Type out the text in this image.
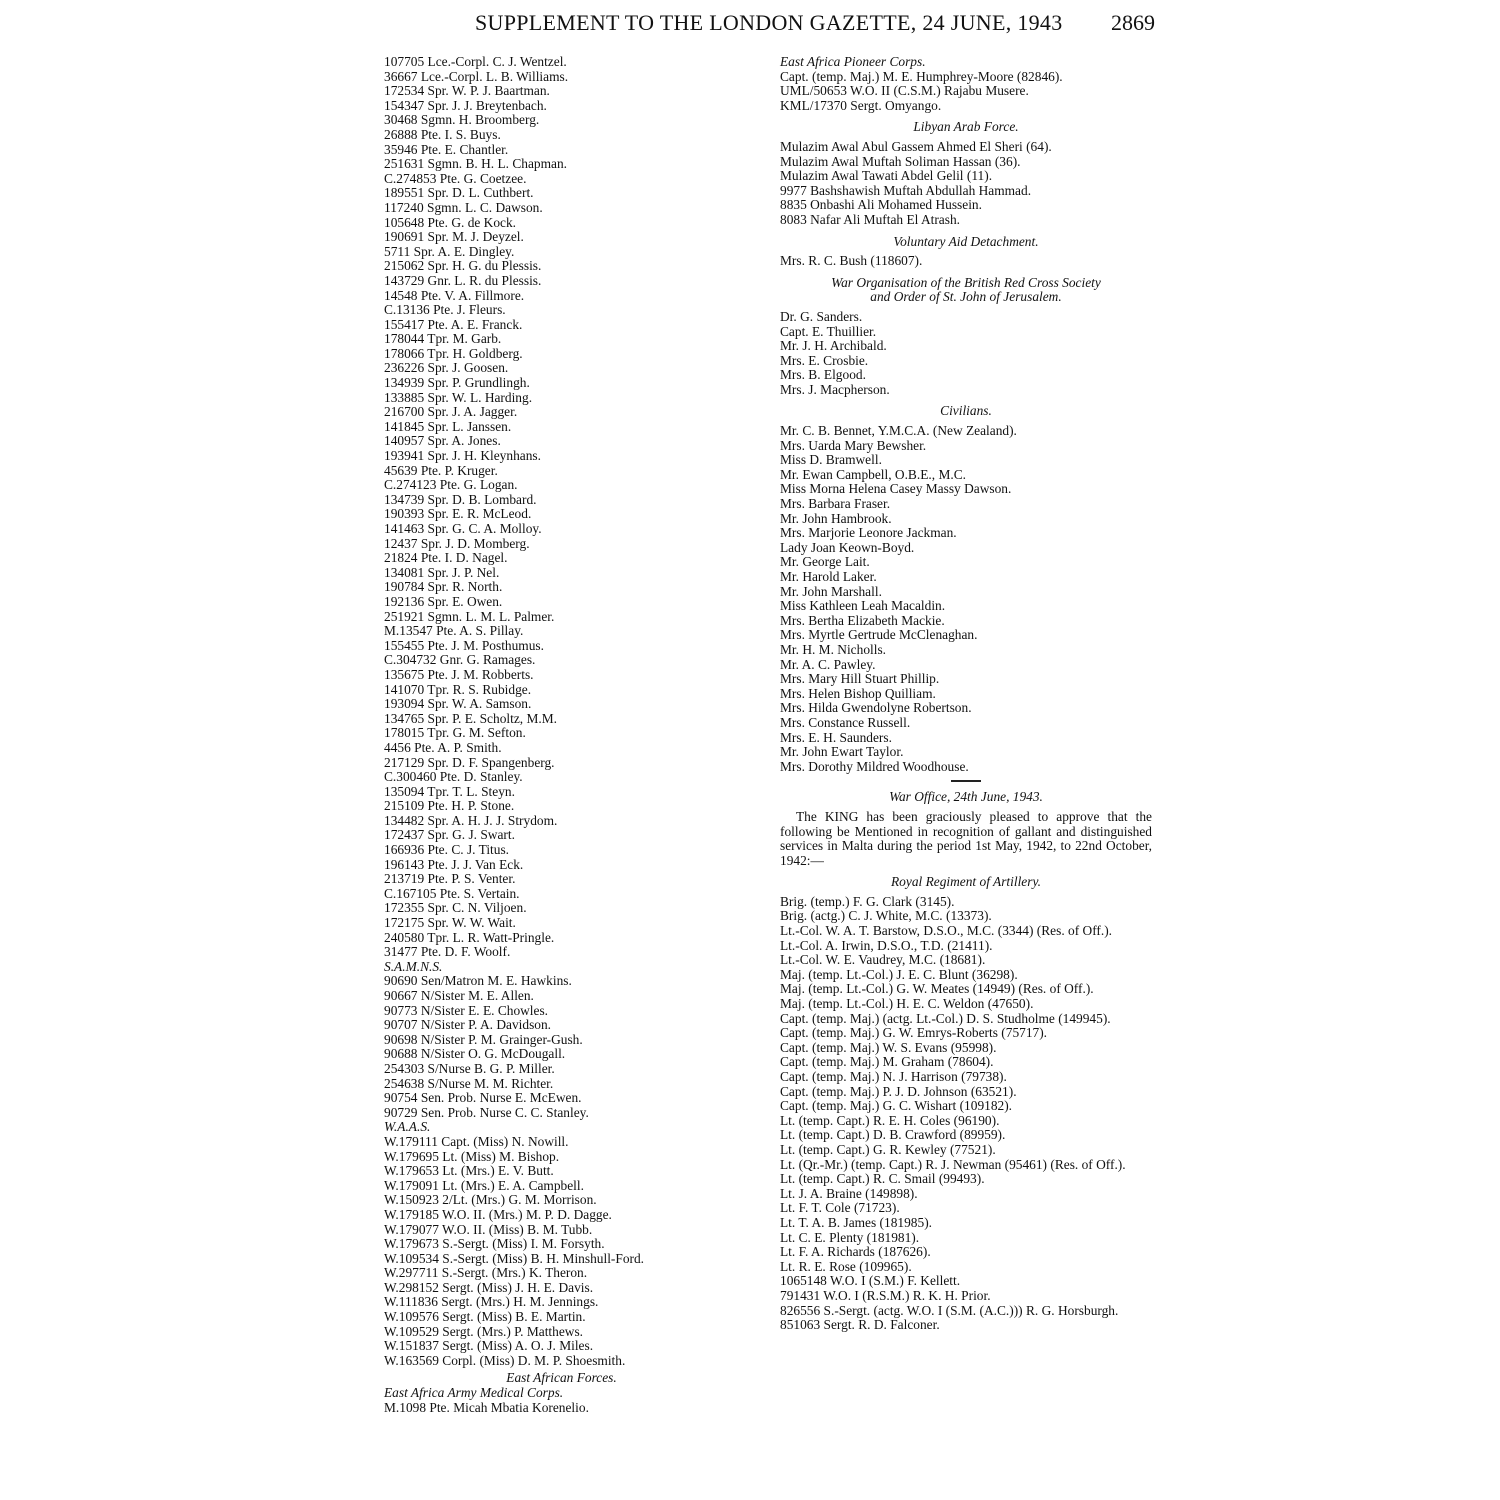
SUPPLEMENT TO THE LONDON GAZETTE, 24 JUNE, 1943 2869
107705 Lce.-Corpl. C. J. Wentzel.
36667 Lce.-Corpl. L. B. Williams.
172534 Spr. W. P. J. Baartman.
154347 Spr. J. J. Breytenbach.
30468 Sgmn. H. Broomberg.
26888 Pte. I. S. Buys.
35946 Pte. E. Chantler.
251631 Sgmn. B. H. L. Chapman.
C.274853 Pte. G. Coetzee.
189551 Spr. D. L. Cuthbert.
117240 Sgmn. L. C. Dawson.
105648 Pte. G. de Kock.
190691 Spr. M. J. Deyzel.
5711 Spr. A. E. Dingley.
215062 Spr. H. G. du Plessis.
143729 Gnr. L. R. du Plessis.
14548 Pte. V. A. Fillmore.
C.13136 Pte. J. Fleurs.
155417 Pte. A. E. Franck.
178044 Tpr. M. Garb.
178066 Tpr. H. Goldberg.
236226 Spr. J. Goosen.
134939 Spr. P. Grundlingh.
133885 Spr. W. L. Harding.
216700 Spr. J. A. Jagger.
141845 Spr. L. Janssen.
140957 Spr. A. Jones.
193941 Spr. J. H. Kleynhans.
45639 Pte. P. Kruger.
C.274123 Pte. G. Logan.
134739 Spr. D. B. Lombard.
190393 Spr. E. R. McLeod.
141463 Spr. G. C. A. Molloy.
12437 Spr. J. D. Momberg.
21824 Pte. I. D. Nagel.
134081 Spr. J. P. Nel.
190784 Spr. R. North.
192136 Spr. E. Owen.
251921 Sgmn. L. M. L. Palmer.
M.13547 Pte. A. S. Pillay.
155455 Pte. J. M. Posthumus.
C.304732 Gnr. G. Ramages.
135675 Pte. J. M. Robberts.
141070 Tpr. R. S. Rubidge.
193094 Spr. W. A. Samson.
134765 Spr. P. E. Scholtz, M.M.
178015 Tpr. G. M. Sefton.
4456 Pte. A. P. Smith.
217129 Spr. D. F. Spangenberg.
C.300460 Pte. D. Stanley.
135094 Tpr. T. L. Steyn.
215109 Pte. H. P. Stone.
134482 Spr. A. H. J. J. Strydom.
172437 Spr. G. J. Swart.
166936 Pte. C. J. Titus.
196143 Pte. J. J. Van Eck.
213719 Pte. P. S. Venter.
C.167105 Pte. S. Vertain.
172355 Spr. C. N. Viljoen.
172175 Spr. W. W. Wait.
240580 Tpr. L. R. Watt-Pringle.
31477 Pte. D. F. Woolf.
S.A.M.N.S.
90690 Sen/Matron M. E. Hawkins.
90667 N/Sister M. E. Allen.
90773 N/Sister E. E. Chowles.
90707 N/Sister P. A. Davidson.
90698 N/Sister P. M. Grainger-Gush.
90688 N/Sister O. G. McDougall.
254303 S/Nurse B. G. P. Miller.
254638 S/Nurse M. M. Richter.
90754 Sen. Prob. Nurse E. McEwen.
90729 Sen. Prob. Nurse C. C. Stanley.
W.A.A.S.
W.179111 Capt. (Miss) N. Nowill.
W.179695 Lt. (Miss) M. Bishop.
W.179653 Lt. (Mrs.) E. V. Butt.
W.179091 Lt. (Mrs.) E. A. Campbell.
W.150923 2/Lt. (Mrs.) G. M. Morrison.
W.179185 W.O. II. (Mrs.) M. P. D. Dagge.
W.179077 W.O. II. (Miss) B. M. Tubb.
W.179673 S.-Sergt. (Miss) I. M. Forsyth.
W.109534 S.-Sergt. (Miss) B. H. Minshull-Ford.
W.297711 S.-Sergt. (Mrs.) K. Theron.
W.298152 Sergt. (Miss) J. H. E. Davis.
W.111836 Sergt. (Mrs.) H. M. Jennings.
W.109576 Sergt. (Miss) B. E. Martin.
W.109529 Sergt. (Mrs.) P. Matthews.
W.151837 Sergt. (Miss) A. O. J. Miles.
W.163569 Corpl. (Miss) D. M. P. Shoesmith.
East African Forces.
East Africa Army Medical Corps.
M.1098 Pte. Micah Mbatia Korenelio.
East Africa Pioneer Corps.
Capt. (temp. Maj.) M. E. Humphrey-Moore (82846).
UML/50653 W.O. II (C.S.M.) Rajabu Musere.
KML/17370 Sergt. Omyango.
Libyan Arab Force.
Mulazim Awal Abul Gassem Ahmed El Sheri (64).
Mulazim Awal Muftah Soliman Hassan (36).
Mulazim Awal Tawati Abdel Gelil (11).
9977 Bashshawish Muftah Abdullah Hammad.
8835 Onbashi Ali Mohamed Hussein.
8083 Nafar Ali Muftah El Atrash.
Voluntary Aid Detachment.
Mrs. R. C. Bush (118607).
War Organisation of the British Red Cross Society
and Order of St. John of Jerusalem.
Dr. G. Sanders.
Capt. E. Thuillier.
Mr. J. H. Archibald.
Mrs. E. Crosbie.
Mrs. B. Elgood.
Mrs. J. Macpherson.
Civilians.
Mr. C. B. Bennet, Y.M.C.A. (New Zealand).
Mrs. Uarda Mary Bewsher.
Miss D. Bramwell.
Mr. Ewan Campbell, O.B.E., M.C.
Miss Morna Helena Casey Massy Dawson.
Mrs. Barbara Fraser.
Mr. John Hambrook.
Mrs. Marjorie Leonore Jackman.
Lady Joan Keown-Boyd.
Mr. George Lait.
Mr. Harold Laker.
Mr. John Marshall.
Miss Kathleen Leah Macaldin.
Mrs. Bertha Elizabeth Mackie.
Mrs. Myrtle Gertrude McClenaghan.
Mr. H. M. Nicholls.
Mr. A. C. Pawley.
Mrs. Mary Hill Stuart Phillip.
Mrs. Helen Bishop Quilliam.
Mrs. Hilda Gwendolyne Robertson.
Mrs. Constance Russell.
Mrs. E. H. Saunders.
Mr. John Ewart Taylor.
Mrs. Dorothy Mildred Woodhouse.
War Office, 24th June, 1943.
The KING has been graciously pleased to approve that the following be Mentioned in recognition of gallant and distinguished services in Malta during the period 1st May, 1942, to 22nd October, 1942:—
Royal Regiment of Artillery.
Brig. (temp.) F. G. Clark (3145).
Brig. (actg.) C. J. White, M.C. (13373).
Lt.-Col. W. A. T. Barstow, D.S.O., M.C. (3344) (Res. of Off.).
Lt.-Col. A. Irwin, D.S.O., T.D. (21411).
Lt.-Col. W. E. Vaudrey, M.C. (18681).
Maj. (temp. Lt.-Col.) J. E. C. Blunt (36298).
Maj. (temp. Lt.-Col.) G. W. Meates (14949) (Res. of Off.).
Maj. (temp. Lt.-Col.) H. E. C. Weldon (47650).
Capt. (temp. Maj.) (actg. Lt.-Col.) D. S. Studholme (149945).
Capt. (temp. Maj.) G. W. Emrys-Roberts (75717).
Capt. (temp. Maj.) W. S. Evans (95998).
Capt. (temp. Maj.) M. Graham (78604).
Capt. (temp. Maj.) N. J. Harrison (79738).
Capt. (temp. Maj.) P. J. D. Johnson (63521).
Capt. (temp. Maj.) G. C. Wishart (109182).
Lt. (temp. Capt.) R. E. H. Coles (96190).
Lt. (temp. Capt.) D. B. Crawford (89959).
Lt. (temp. Capt.) G. R. Kewley (77521).
Lt. (Qr.-Mr.) (temp. Capt.) R. J. Newman (95461) (Res. of Off.).
Lt. (temp. Capt.) R. C. Smail (99493).
Lt. J. A. Braine (149898).
Lt. F. T. Cole (71723).
Lt. T. A. B. James (181985).
Lt. C. E. Plenty (181981).
Lt. F. A. Richards (187626).
Lt. R. E. Rose (109965).
1065148 W.O. I (S.M.) F. Kellett.
791431 W.O. I (R.S.M.) R. K. H. Prior.
826556 S.-Sergt. (actg. W.O. I (S.M. (A.C.))) R. G. Horsburgh.
851063 Sergt. R. D. Falconer.
